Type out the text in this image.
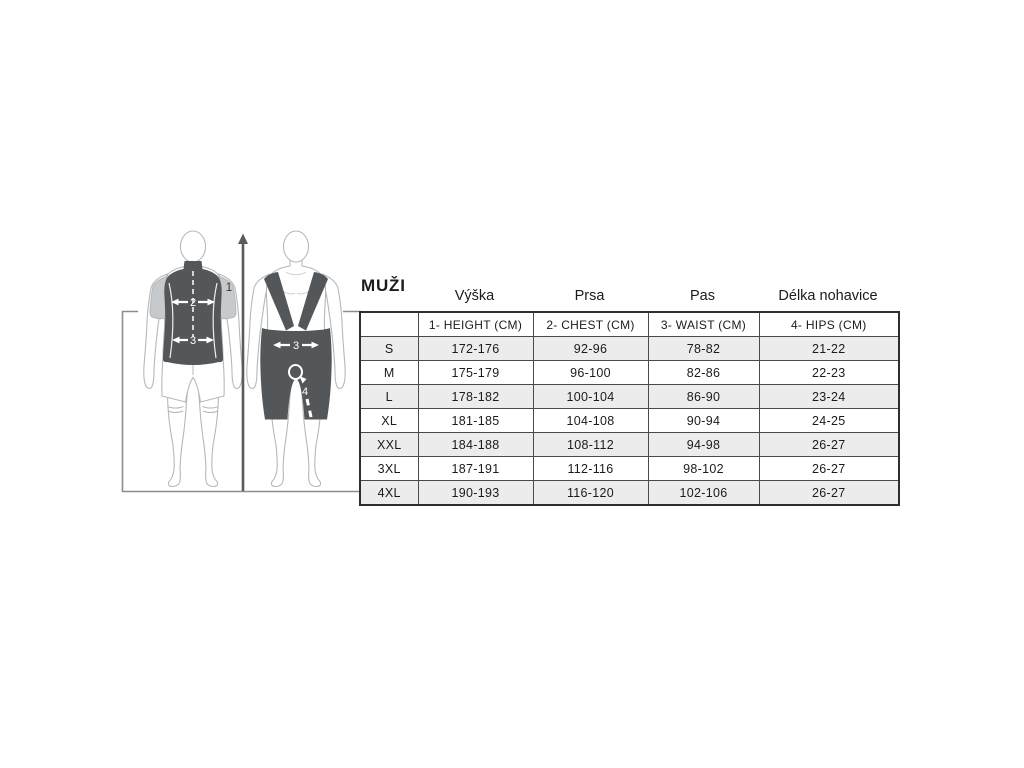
2
3
1
3
4
MUŽI
Výška	Prsa	Pas	Délka nohavice
	1- HEIGHT (CM)	2- CHEST (CM)	3- WAIST (CM)	4- HIPS (CM)
S	172-176	92-96	78-82	21-22
M	175-179	96-100	82-86	22-23
L	178-182	100-104	86-90	23-24
XL	181-185	104-108	90-94	24-25
XXL	184-188	108-112	94-98	26-27
3XL	187-191	112-116	98-102	26-27
4XL	190-193	116-120	102-106	26-27
